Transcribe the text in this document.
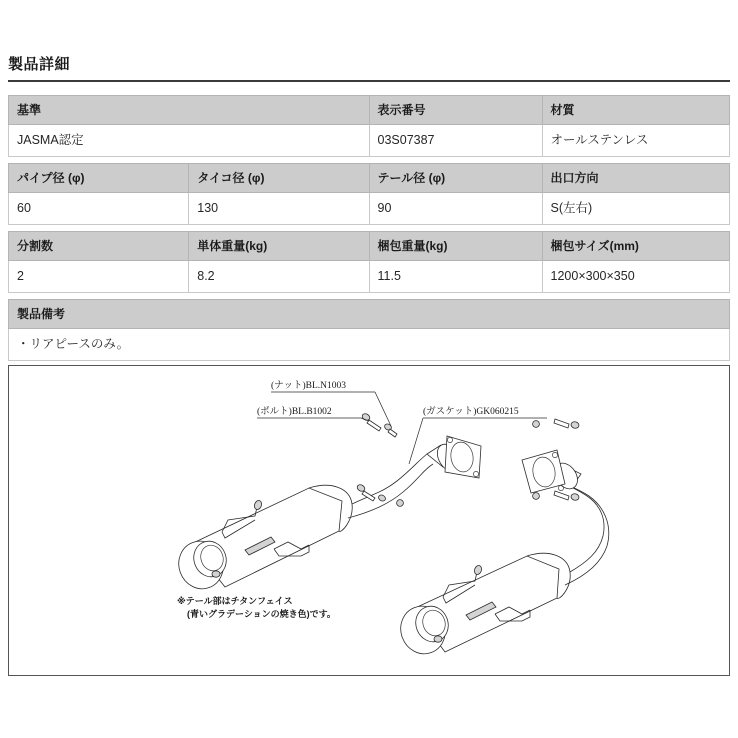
製品詳細
基準	表示番号	材質
JASMA認定	03S07387	オールステンレス
パイプ径 (φ)	タイコ径 (φ)	テール径 (φ)	出口方向
60	130	90	S(左右)
分割数	単体重量(kg)	梱包重量(kg)	梱包サイズ(mm)
2	8.2	11.5	1200×300×350
製品備考
・リアピースのみ。
(ナット)BL.N1003
(ボルト)BL.B1002	(ガスケット)GK060215
※テール部はチタンフェイス
(青いグラデーションの焼き色)です。
